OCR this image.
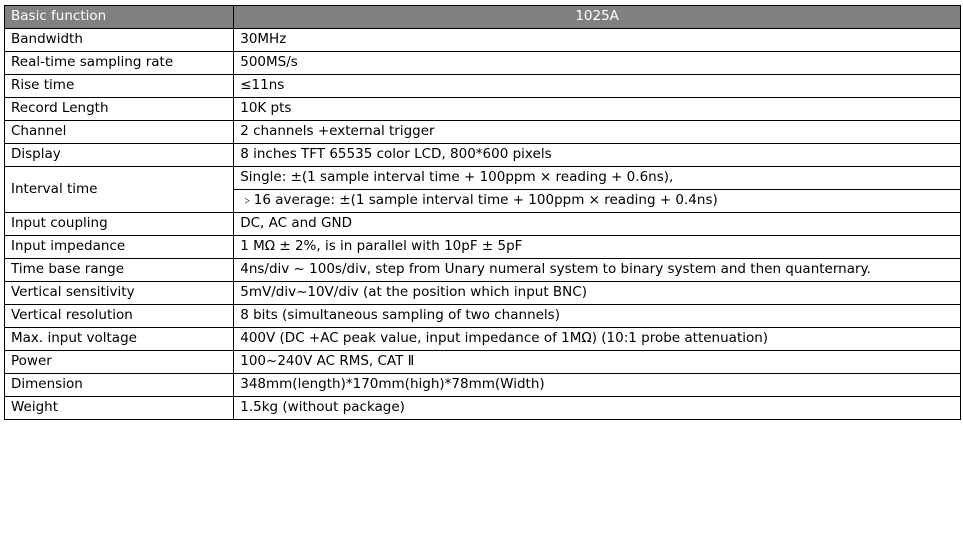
Basic function	1025A
Bandwidth	30MHz
Real-time sampling rate	500MS/s
Rise time	≤11ns
Record Length	10K pts
Channel	2 channels +external trigger
Display	8 inches TFT 65535 color LCD, 800*600 pixels
Interval time	Single: ±(1 sample interval time + 100ppm × reading + 0.6ns),
	﹥16 average: ±(1 sample interval time + 100ppm × reading + 0.4ns)
Input coupling	DC, AC and GND
Input impedance	1 MΩ ± 2%, is in parallel with 10pF ± 5pF
Time base range	4ns/div ~ 100s/div, step from Unary numeral system to binary system and then quanternary.
Vertical sensitivity	5mV/div~10V/div (at the position which input BNC)
Vertical resolution	8 bits (simultaneous sampling of two channels)
Max. input voltage	400V (DC +AC peak value, input impedance of 1MΩ) (10:1 probe attenuation)
Power	100~240V AC RMS, CAT Ⅱ
Dimension	348mm(length)*170mm(high)*78mm(Width)
Weight	1.5kg (without package)
